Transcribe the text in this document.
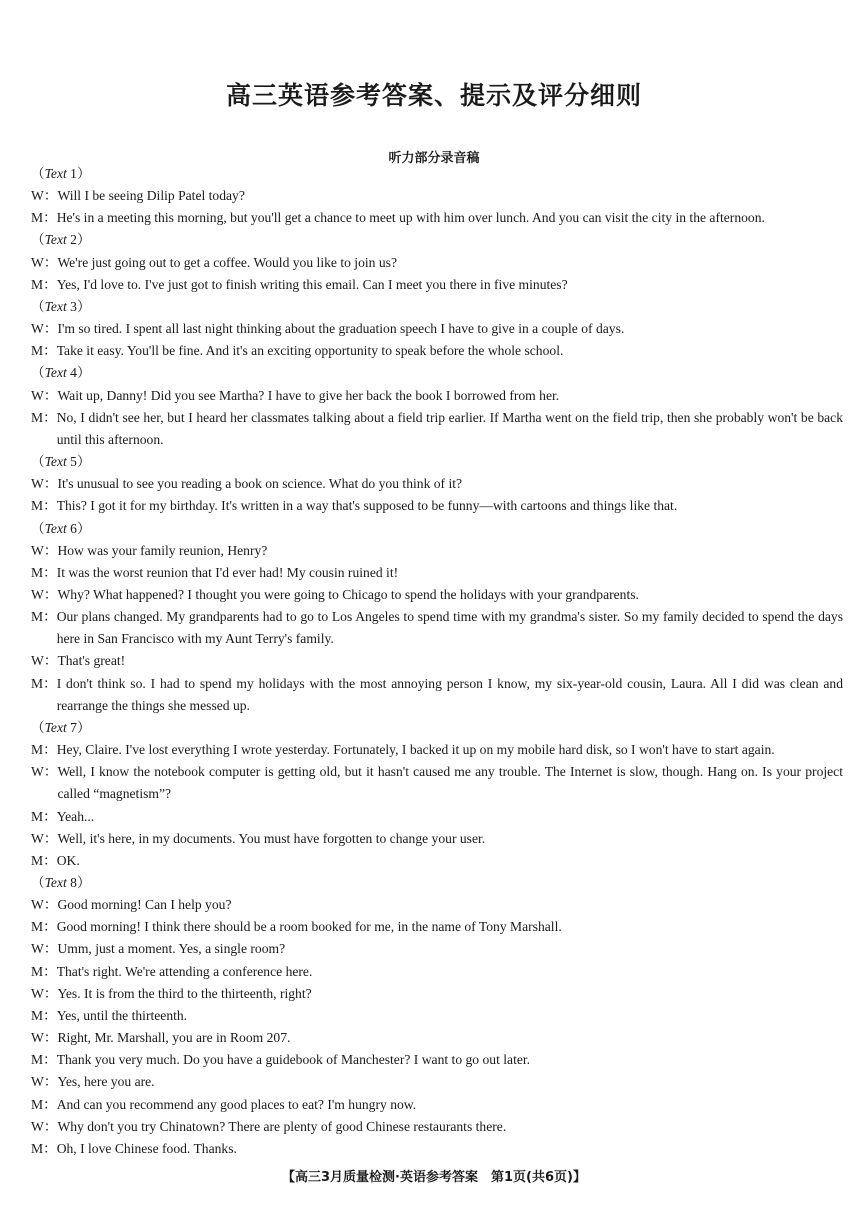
高三英语参考答案、提示及评分细则
听力部分录音稿
（Text 1）
W： Will I be seeing Dilip Patel today?
M： He's in a meeting this morning, but you'll get a chance to meet up with him over lunch. And you can visit the city in the afternoon.
（Text 2）
W： We're just going out to get a coffee. Would you like to join us?
M： Yes, I'd love to. I've just got to finish writing this email. Can I meet you there in five minutes?
（Text 3）
W： I'm so tired. I spent all last night thinking about the graduation speech I have to give in a couple of days.
M： Take it easy. You'll be fine. And it's an exciting opportunity to speak before the whole school.
（Text 4）
W： Wait up, Danny! Did you see Martha? I have to give her back the book I borrowed from her.
M： No, I didn't see her, but I heard her classmates talking about a field trip earlier. If Martha went on the field trip, then she probably won't be back until this afternoon.
（Text 5）
W： It's unusual to see you reading a book on science. What do you think of it?
M： This? I got it for my birthday. It's written in a way that's supposed to be funny—with cartoons and things like that.
（Text 6）
W： How was your family reunion, Henry?
M： It was the worst reunion that I'd ever had! My cousin ruined it!
W： Why? What happened? I thought you were going to Chicago to spend the holidays with your grandparents.
M： Our plans changed. My grandparents had to go to Los Angeles to spend time with my grandma's sister. So my family decided to spend the days here in San Francisco with my Aunt Terry's family.
W： That's great!
M： I don't think so. I had to spend my holidays with the most annoying person I know, my six-year-old cousin, Laura. All I did was clean and rearrange the things she messed up.
（Text 7）
M： Hey, Claire. I've lost everything I wrote yesterday. Fortunately, I backed it up on my mobile hard disk, so I won't have to start again.
W： Well, I know the notebook computer is getting old, but it hasn't caused me any trouble. The Internet is slow, though. Hang on. Is your project called “magnetism”?
M： Yeah...
W： Well, it's here, in my documents. You must have forgotten to change your user.
M： OK.
（Text 8）
W： Good morning! Can I help you?
M： Good morning! I think there should be a room booked for me, in the name of Tony Marshall.
W： Umm, just a moment. Yes, a single room?
M： That's right. We're attending a conference here.
W： Yes. It is from the third to the thirteenth, right?
M： Yes, until the thirteenth.
W： Right, Mr. Marshall, you are in Room 207.
M： Thank you very much. Do you have a guidebook of Manchester? I want to go out later.
W： Yes, here you are.
M： And can you recommend any good places to eat? I'm hungry now.
W： Why don't you try Chinatown? There are plenty of good Chinese restaurants there.
M： Oh, I love Chinese food. Thanks.
【高三3月质量检测·英语参考答案　第1页(共6页)】
